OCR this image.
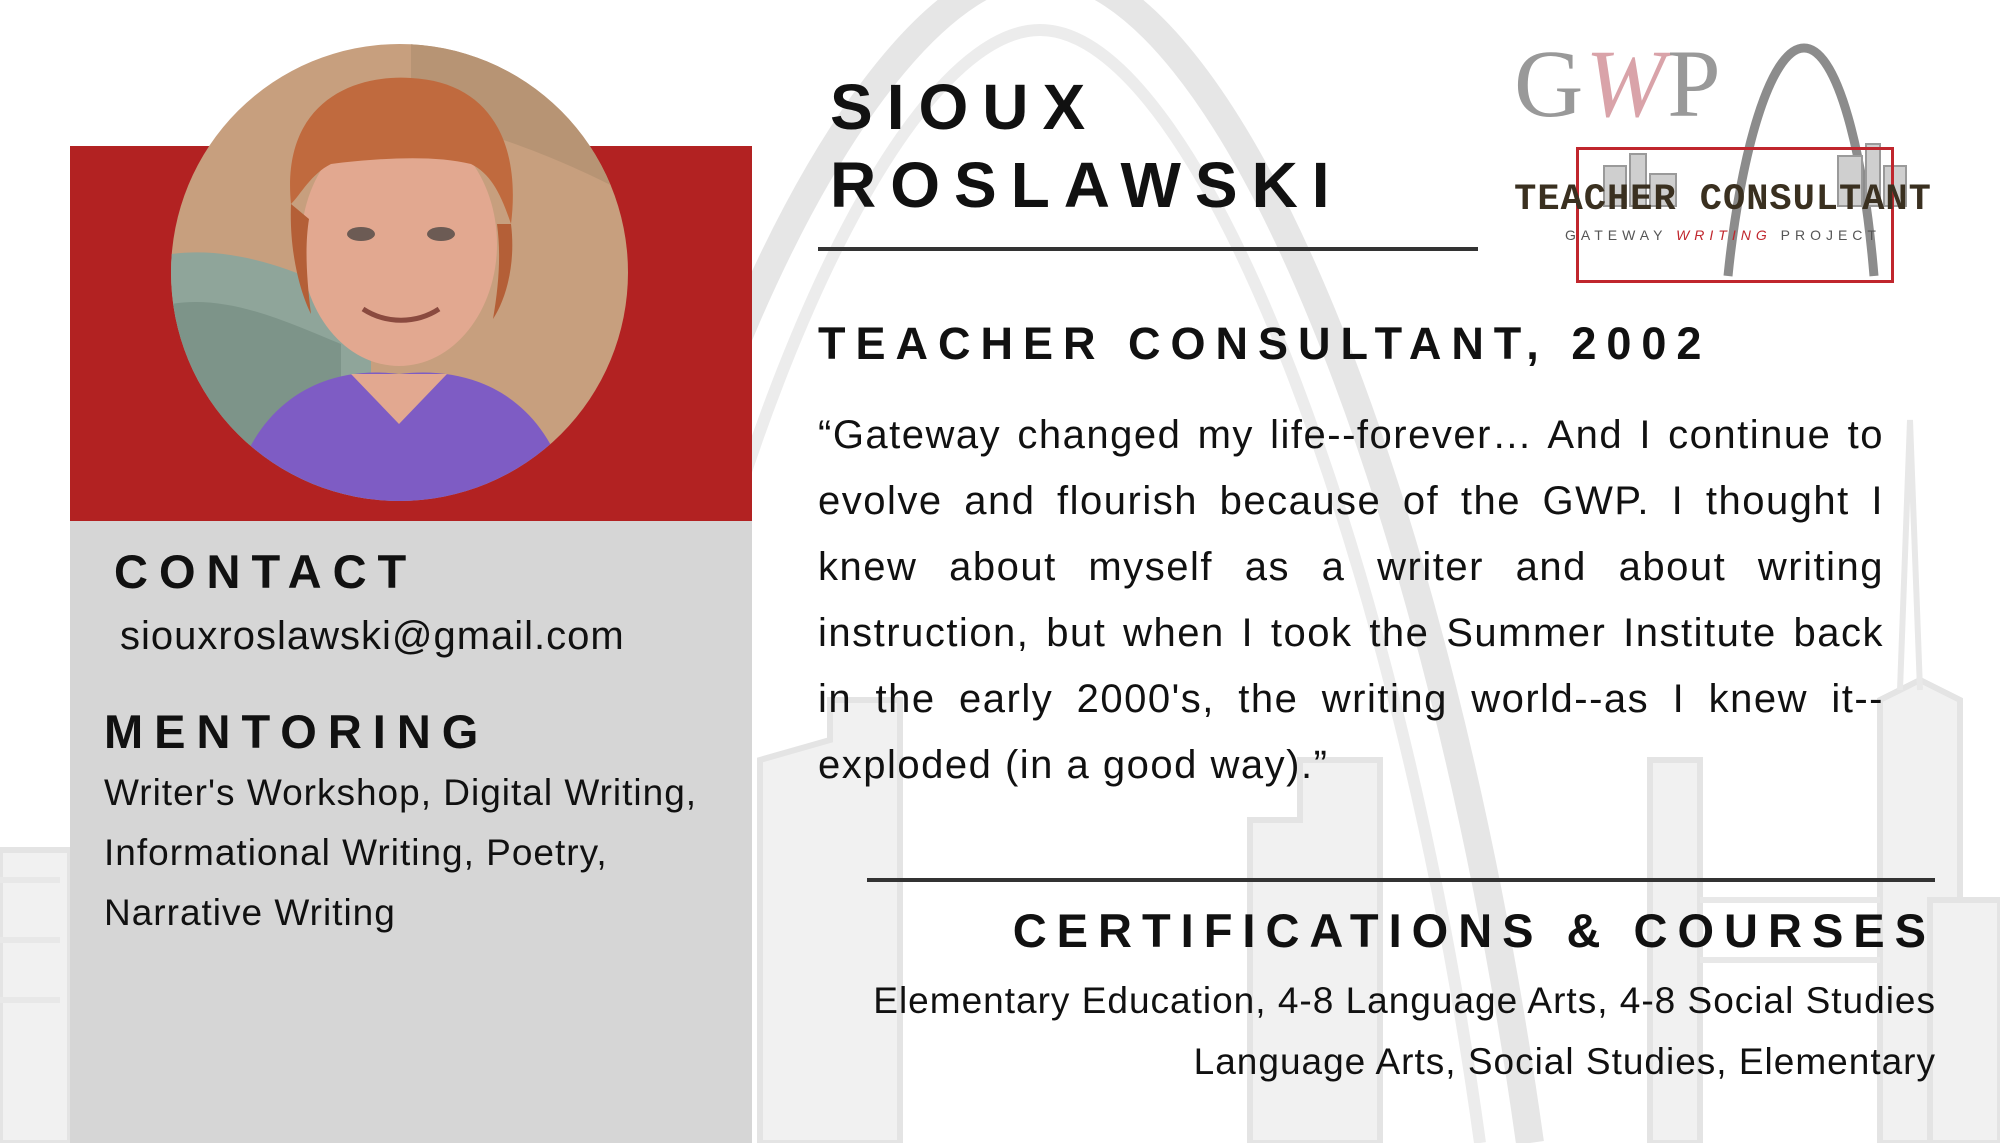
CONTACT
siouxroslawski@gmail.com
MENTORING
Writer's Workshop, Digital Writing, Informational Writing, Poetry, Narrative Writing
SIOUX
ROSLAWSKI
TEACHER CONSULTANT, 2002
“Gateway changed my life--forever… And I continue to evolve and flourish because of the GWP. I thought I knew about myself as a writer and about writing instruction, but when I took the Summer Institute back in the early 2000's, the writing world--as I knew it--exploded (in a good way).”
CERTIFICATIONS & COURSES
Elementary Education, 4-8 Language Arts, 4-8 Social Studies
Language Arts, Social Studies, Elementary
GWP
TEACHER CONSULTANT
GATEWAY WRITING PROJECT
